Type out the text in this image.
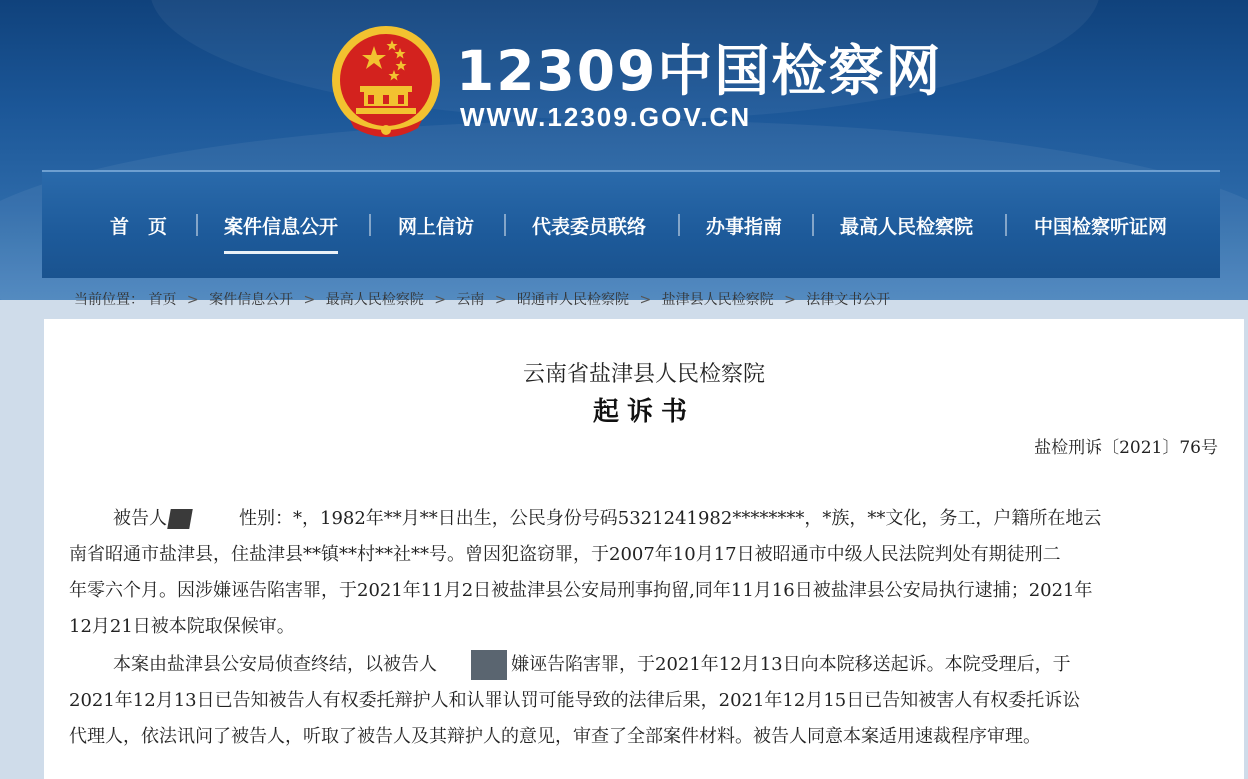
12309中国检察网
WWW.12309.GOV.CN
首　页	案件信息公开	网上信访	代表委员联络	办事指南	最高人民检察院	中国检察听证网
当前位置： 首页 > 案件信息公开 > 最高人民检察院 > 云南 > 昭通市人民检察院 > 盐津县人民检察院 > 法律文书公开
云南省盐津县人民检察院
起诉书
盐检刑诉〔2021〕76号
被告人	性别：*，1982年**月**日出生，公民身份号码5321241982********，*族，**文化，务工，户籍所在地云
南省昭通市盐津县，住盐津县**镇**村**社**号。曾因犯盗窃罪，于2007年10月17日被昭通市中级人民法院判处有期徒刑二
年零六个月。因涉嫌诬告陷害罪，于2021年11月2日被盐津县公安局刑事拘留,同年11月16日被盐津县公安局执行逮捕；2021年
12月21日被本院取保候审。
本案由盐津县公安局侦查终结，以被告人	嫌诬告陷害罪，于2021年12月13日向本院移送起诉。本院受理后，于
2021年12月13日已告知被告人有权委托辩护人和认罪认罚可能导致的法律后果，2021年12月15日已告知被害人有权委托诉讼
代理人，依法讯问了被告人，听取了被告人及其辩护人的意见，审查了全部案件材料。被告人同意本案适用速裁程序审理。
